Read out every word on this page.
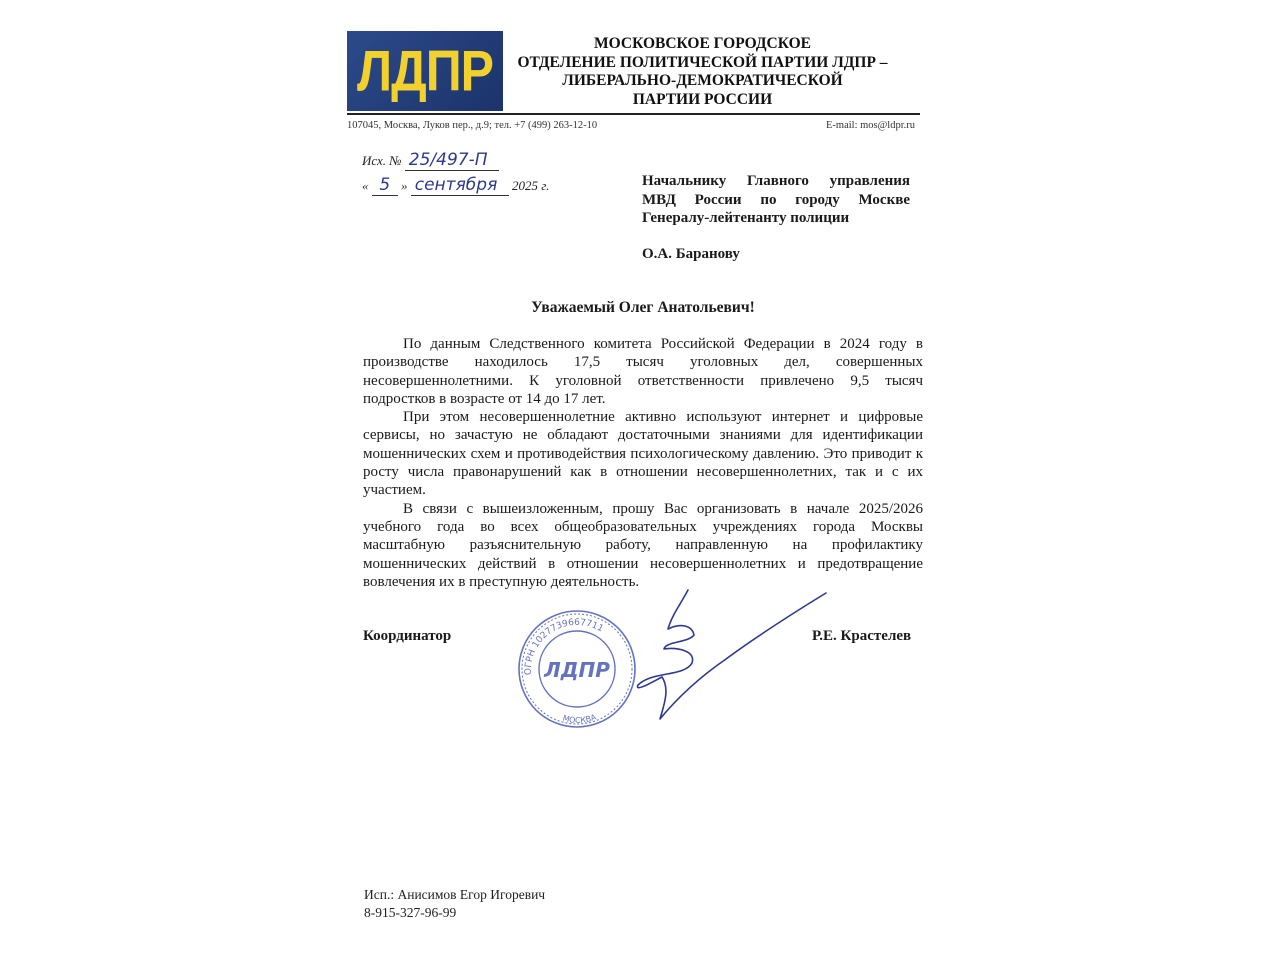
ЛДПР	МОСКОВСКОЕ ГОРОДСКОЕ
ОТДЕЛЕНИЕ ПОЛИТИЧЕСКОЙ ПАРТИИ ЛДПР –
ЛИБЕРАЛЬНО-ДЕМОКРАТИЧЕСКОЙ
ПАРТИИ РОССИИ
107045, Москва, Луков пер., д.9; тел. +7 (499) 263-12-10	E-mail: mos@ldpr.ru
Исх. № 25/497-П
« 5 » сентября 2025 г.	Начальнику Главного управления
МВД России по городу Москве
Генералу-лейтенанту полиции
О.А. Баранову
Уважаемый Олег Анатольевич!

По данным Следственного комитета Российской Федерации в 2024 году в производстве находилось 17,5 тысяч уголовных дел, совершенных несовершеннолетними. К уголовной ответственности привлечено 9,5 тысяч подростков в возрасте от 14 до 17 лет.

При этом несовершеннолетние активно используют интернет и цифровые сервисы, но зачастую не обладают достаточными знаниями для идентификации мошеннических схем и противодействия психологическому давлению. Это приводит к росту числа правонарушений как в отношении несовершеннолетних, так и с их участием.

В связи с вышеизложенным, прошу Вас организовать в начале 2025/2026 учебного года во всех общеобразовательных учреждениях города Москвы масштабную разъяснительную работу, направленную на профилактику мошеннических действий в отношении несовершеннолетних и предотвращение вовлечения их в преступную деятельность.

Координатор
ОГРН 1027739667711
МОСКВА
ЛДПР
Р.Е. Крастелев
Исп.: Анисимов Егор Игоревич
8-915-327-96-99
